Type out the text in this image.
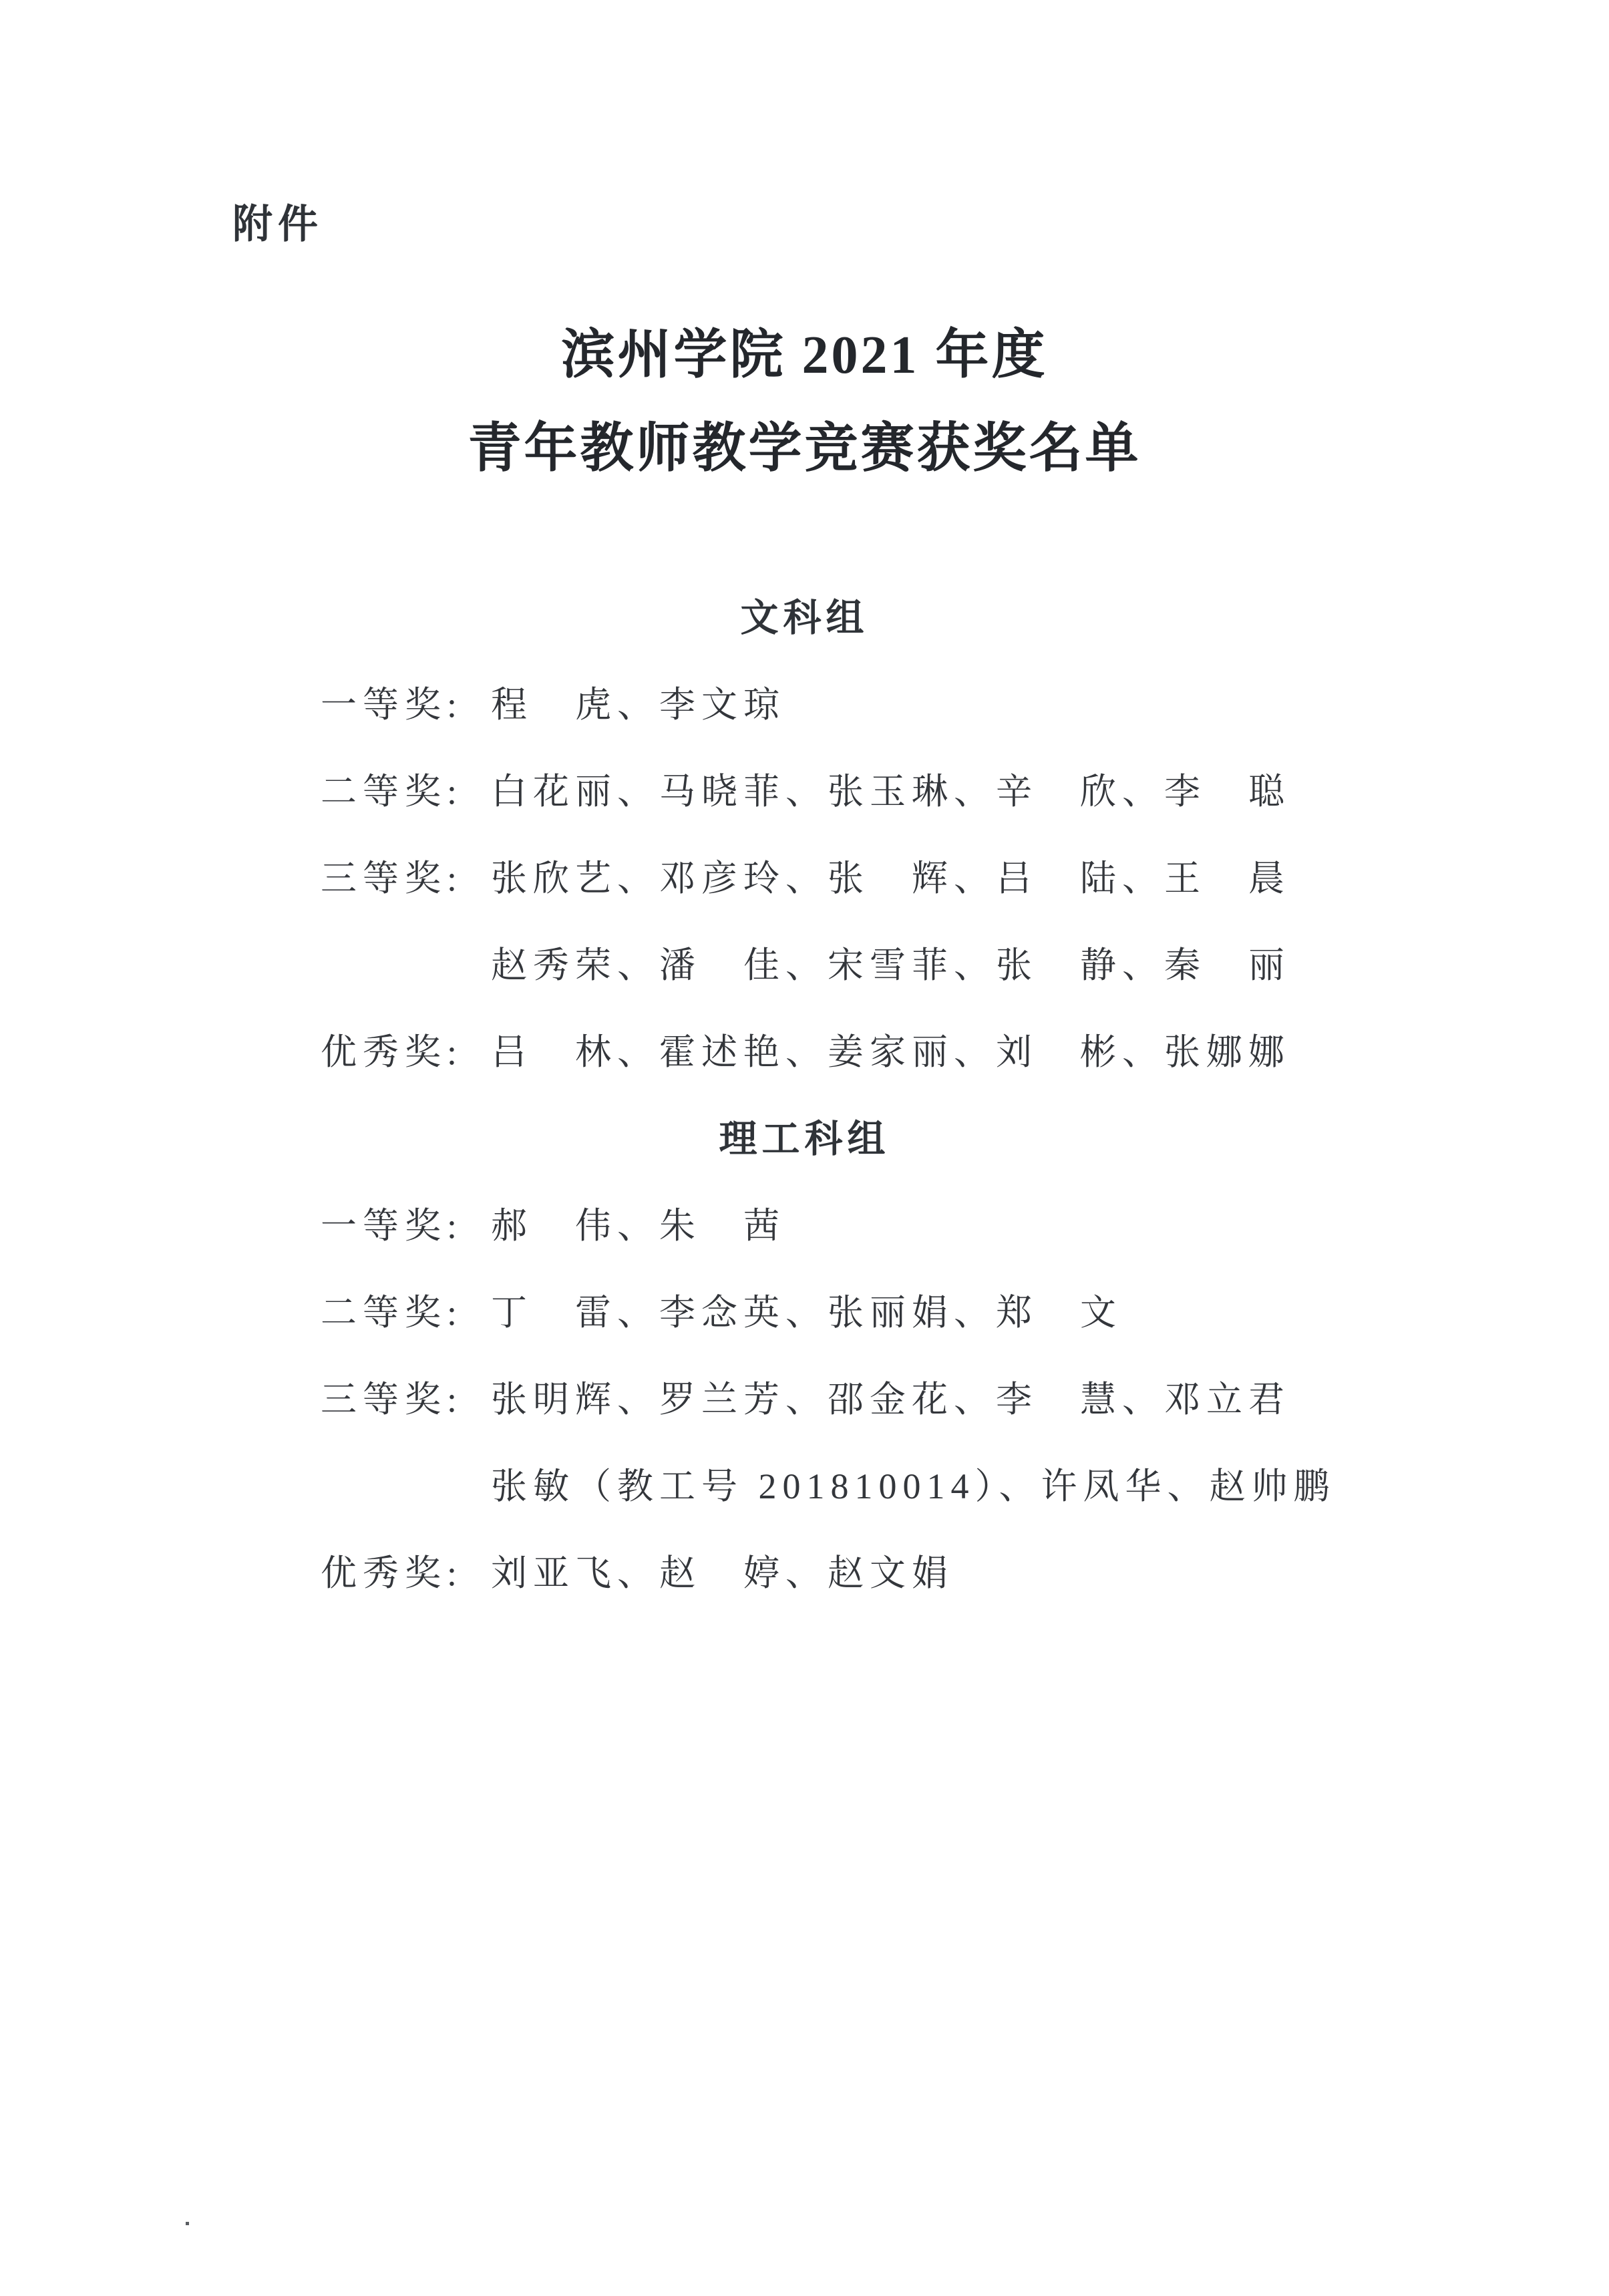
附件
滨州学院 2021 年度
青年教师教学竞赛获奖名单
文科组
一等奖: 程　虎、李文琼
二等奖: 白花丽、马晓菲、张玉琳、辛　欣、李　聪
三等奖: 张欣艺、邓彦玲、张　辉、吕　陆、王　晨
赵秀荣、潘　佳、宋雪菲、张　静、秦　丽
优秀奖: 吕　林、霍述艳、姜家丽、刘　彬、张娜娜
理工科组
一等奖: 郝　伟、朱　茜
二等奖: 丁　雷、李念英、张丽娟、郑　文
三等奖: 张明辉、罗兰芳、邵金花、李　慧、邓立君
张敏（教工号 201810014）、许凤华、赵帅鹏
优秀奖: 刘亚飞、赵　婷、赵文娟
